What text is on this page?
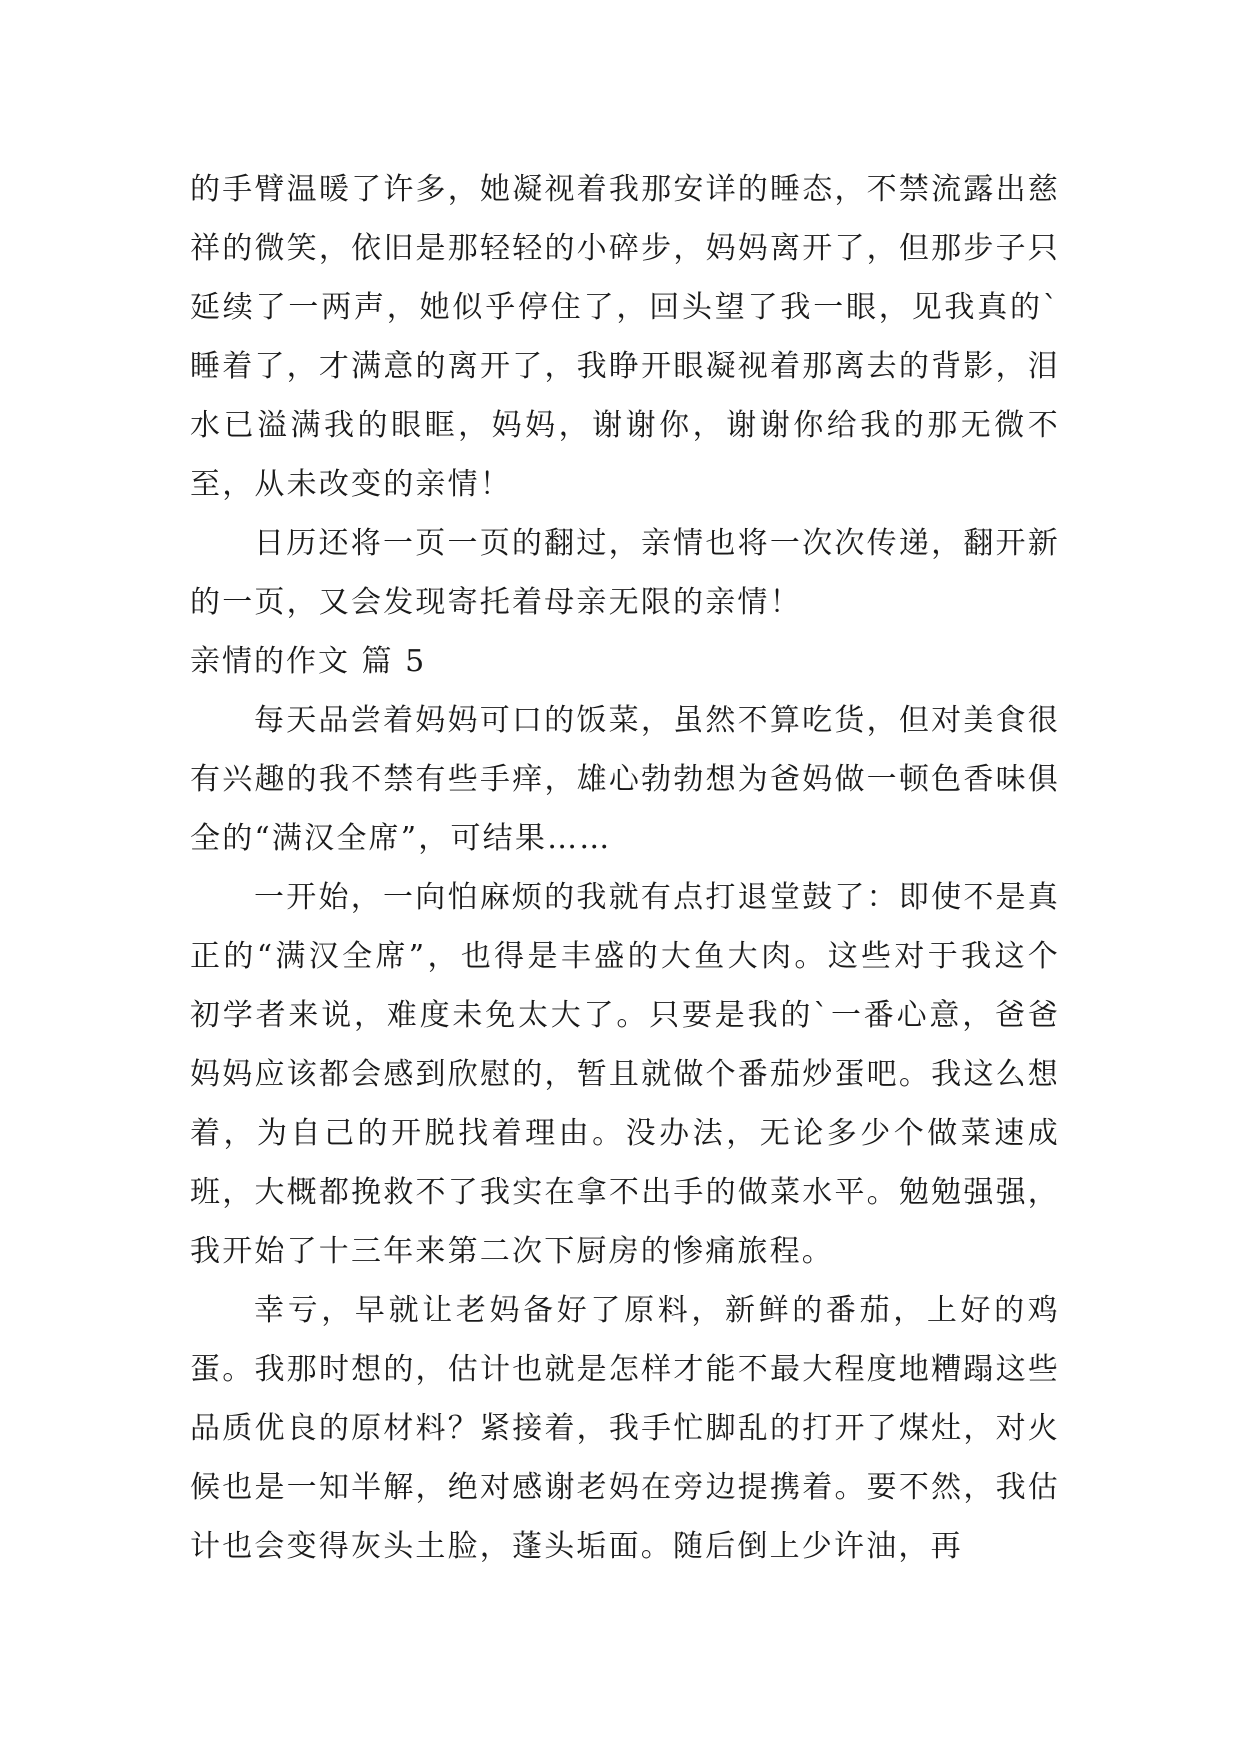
的手臂温暖了许多，她凝视着我那安详的睡态，不禁流露出慈祥的微笑，依旧是那轻轻的小碎步，妈妈离开了，但那步子只延续了一两声，她似乎停住了，回头望了我一眼，见我真的`睡着了，才满意的离开了，我睁开眼凝视着那离去的背影，泪水已溢满我的眼眶，妈妈，谢谢你，谢谢你给我的那无微不至，从未改变的亲情！

日历还将一页一页的翻过，亲情也将一次次传递，翻开新的一页，又会发现寄托着母亲无限的亲情！

亲情的作文 篇 5

每天品尝着妈妈可口的饭菜，虽然不算吃货，但对美食很有兴趣的我不禁有些手痒，雄心勃勃想为爸妈做一顿色香味俱全的“满汉全席”，可结果……

一开始，一向怕麻烦的我就有点打退堂鼓了：即使不是真正的“满汉全席”，也得是丰盛的大鱼大肉。这些对于我这个初学者来说，难度未免太大了。只要是我的`一番心意，爸爸妈妈应该都会感到欣慰的，暂且就做个番茄炒蛋吧。我这么想着，为自己的开脱找着理由。没办法，无论多少个做菜速成班，大概都挽救不了我实在拿不出手的做菜水平。勉勉强强，我开始了十三年来第二次下厨房的惨痛旅程。

幸亏，早就让老妈备好了原料，新鲜的番茄，上好的鸡蛋。我那时想的，估计也就是怎样才能不最大程度地糟蹋这些品质优良的原材料？紧接着，我手忙脚乱的打开了煤灶，对火候也是一知半解，绝对感谢老妈在旁边提携着。要不然，我估计也会变得灰头土脸，蓬头垢面。随后倒上少许油，再
